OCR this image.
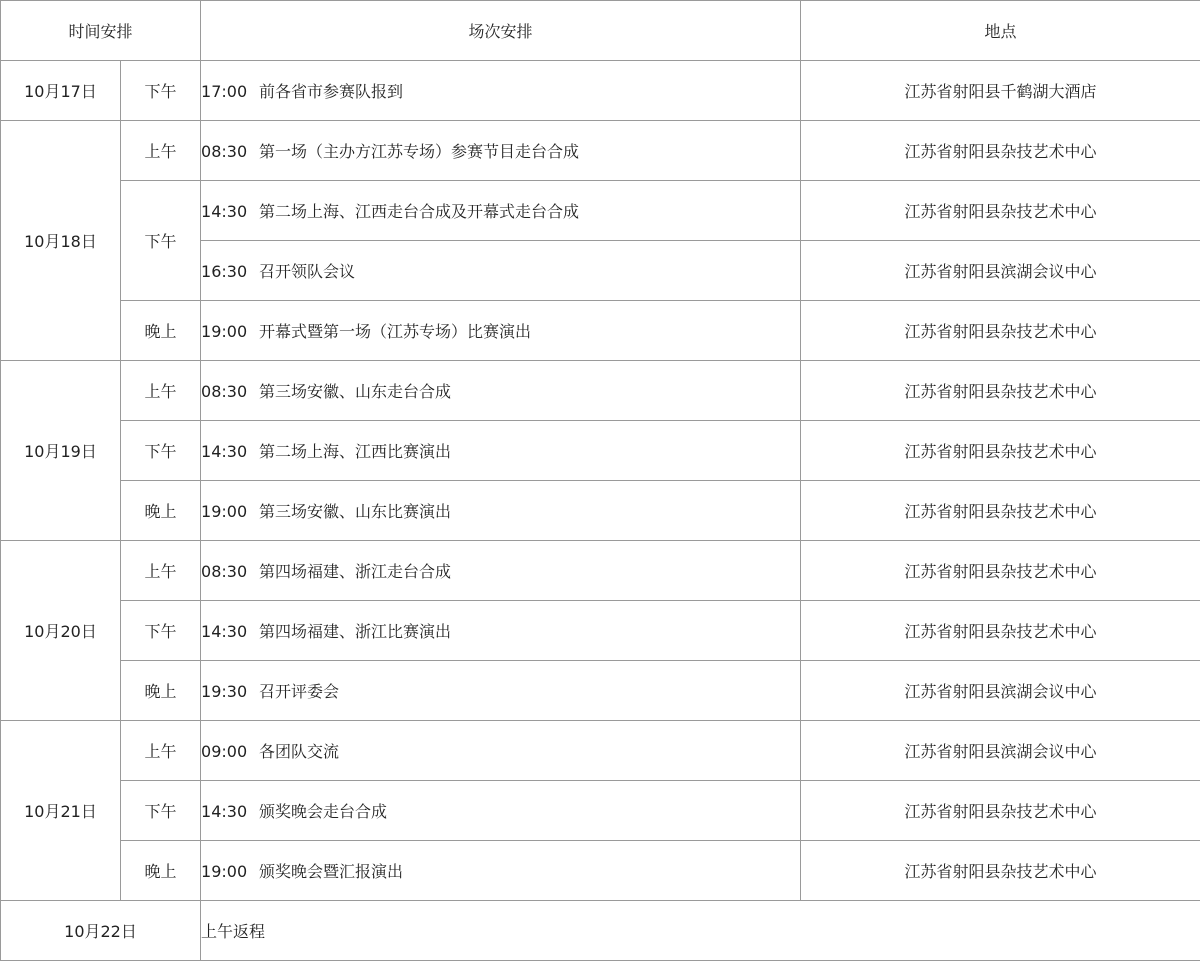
时间安排		场次安排	地点
10月17日	下午	17:00 前各省市参赛队报到	江苏省射阳县千鹤湖大酒店
10月18日	上午	08:30 第一场（主办方江苏专场）参赛节目走台合成	江苏省射阳县杂技艺术中心
	下午	14:30 第二场上海、江西走台合成及开幕式走台合成	江苏省射阳县杂技艺术中心
		16:30 召开领队会议	江苏省射阳县滨湖会议中心
	晚上	19:00 开幕式暨第一场（江苏专场）比赛演出	江苏省射阳县杂技艺术中心
10月19日	上午	08:30 第三场安徽、山东走台合成	江苏省射阳县杂技艺术中心
	下午	14:30 第二场上海、江西比赛演出	江苏省射阳县杂技艺术中心
	晚上	19:00 第三场安徽、山东比赛演出	江苏省射阳县杂技艺术中心
10月20日	上午	08:30 第四场福建、浙江走台合成	江苏省射阳县杂技艺术中心
	下午	14:30 第四场福建、浙江比赛演出	江苏省射阳县杂技艺术中心
	晚上	19:30 召开评委会	江苏省射阳县滨湖会议中心
10月21日	上午	09:00 各团队交流	江苏省射阳县滨湖会议中心
	下午	14:30 颁奖晚会走台合成	江苏省射阳县杂技艺术中心
	晚上	19:00 颁奖晚会暨汇报演出	江苏省射阳县杂技艺术中心
10月22日		上午返程	
